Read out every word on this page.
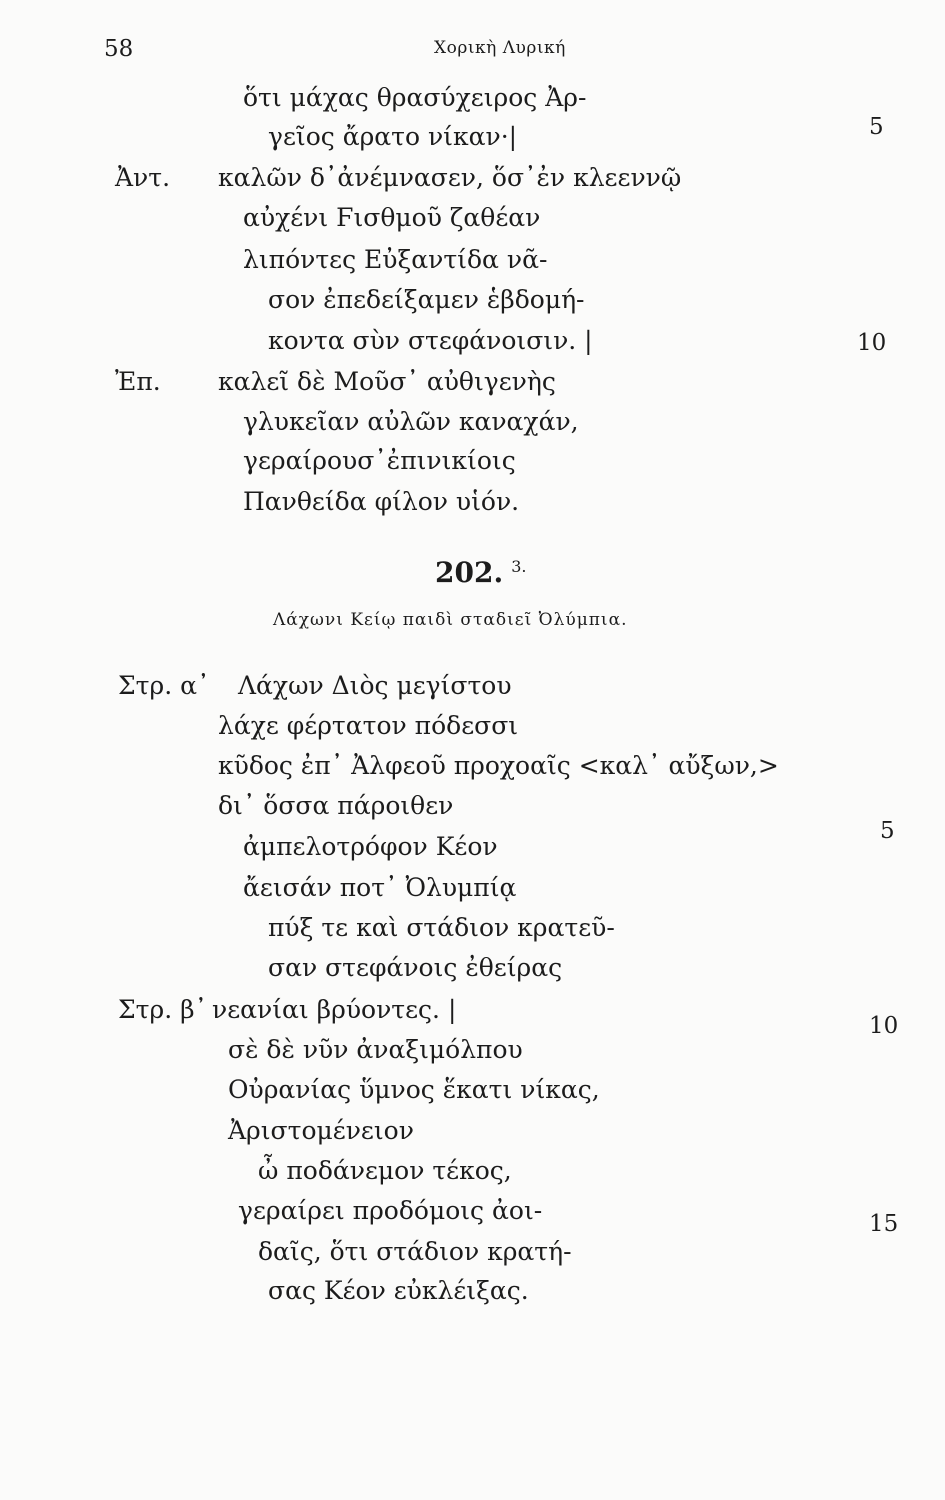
58	Χορικὴ Λυρική
ὅτι μάχας θρασύχειρος Ἀρ-
γεῖος ἄρατο νίκαν·|
Ἀντ. καλῶν δ᾽ἀνέμνασεν, ὅσ᾽ἐν κλεεννῷ
αὐχένι Ϝισθμοῦ ζαθέαν
λιπόντες Εὐξαντίδα νᾶ-
σον ἐπεδείξαμεν ἑβδομή-
κοντα σὺν στεφάνοισιν. |
Ἐπ. καλεῖ δὲ Μοῦσ᾽ αὐθιγενὴς
γλυκεῖαν αὐλῶν καναχάν,
γεραίρουσ᾽ἐπινικίοις
Πανθείδα φίλον υἱόν.
5
10
202. $^{3.}$
Λάχωνι Κείῳ παιδὶ σταδιεῖ Ὀλύμπια.
Στρ. α᾽ Λάχων Διὸς μεγίστου
λάχε φέρτατον πόδεσσι
κῦδος ἐπ᾽ Ἀλφεοῦ προχοαῖς <καλ᾽ αὔξων,>
δι᾽ ὅσσα πάροιθεν
ἀμπελοτρόφον Κέον
ἄεισάν ποτ᾽ Ὀλυμπίᾳ
πύξ τε καὶ στάδιον κρατεῦ-
σαν στεφάνοις ἐθείρας
Στρ. β᾽ νεανίαι βρύοντες. |
σὲ δὲ νῦν ἀναξιμόλπου
Οὐρανίας ὕμνος ἕκατι νίκας,
Ἀριστομένειον
ὦ ποδάνεμον τέκος,
γεραίρει προδόμοις ἀοι-
δαῖς, ὅτι στάδιον κρατή-
σας Κέον εὐκλέιξας.
5
10
15
